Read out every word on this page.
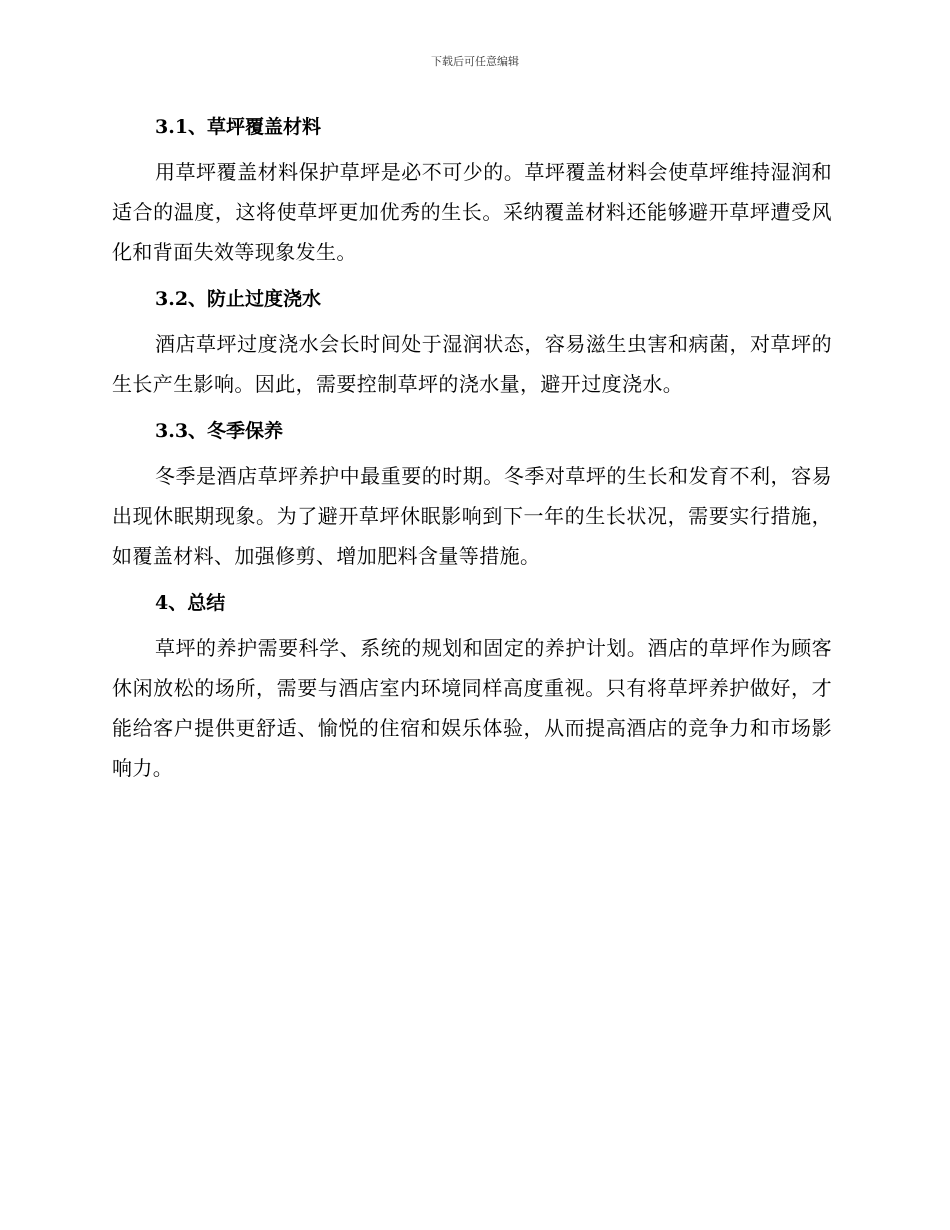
下载后可任意编辑
3.1、草坪覆盖材料

用草坪覆盖材料保护草坪是必不可少的。草坪覆盖材料会使草坪维持湿润和适合的温度，这将使草坪更加优秀的生长。采纳覆盖材料还能够避开草坪遭受风化和背面失效等现象发生。

3.2、防止过度浇水

酒店草坪过度浇水会长时间处于湿润状态，容易滋生虫害和病菌，对草坪的生长产生影响。因此，需要控制草坪的浇水量，避开过度浇水。

3.3、冬季保养

冬季是酒店草坪养护中最重要的时期。冬季对草坪的生长和发育不利，容易出现休眠期现象。为了避开草坪休眠影响到下一年的生长状况，需要实行措施，如覆盖材料、加强修剪、增加肥料含量等措施。

4、总结

草坪的养护需要科学、系统的规划和固定的养护计划。酒店的草坪作为顾客休闲放松的场所，需要与酒店室内环境同样高度重视。只有将草坪养护做好，才能给客户提供更舒适、愉悦的住宿和娱乐体验，从而提高酒店的竞争力和市场影响力。
